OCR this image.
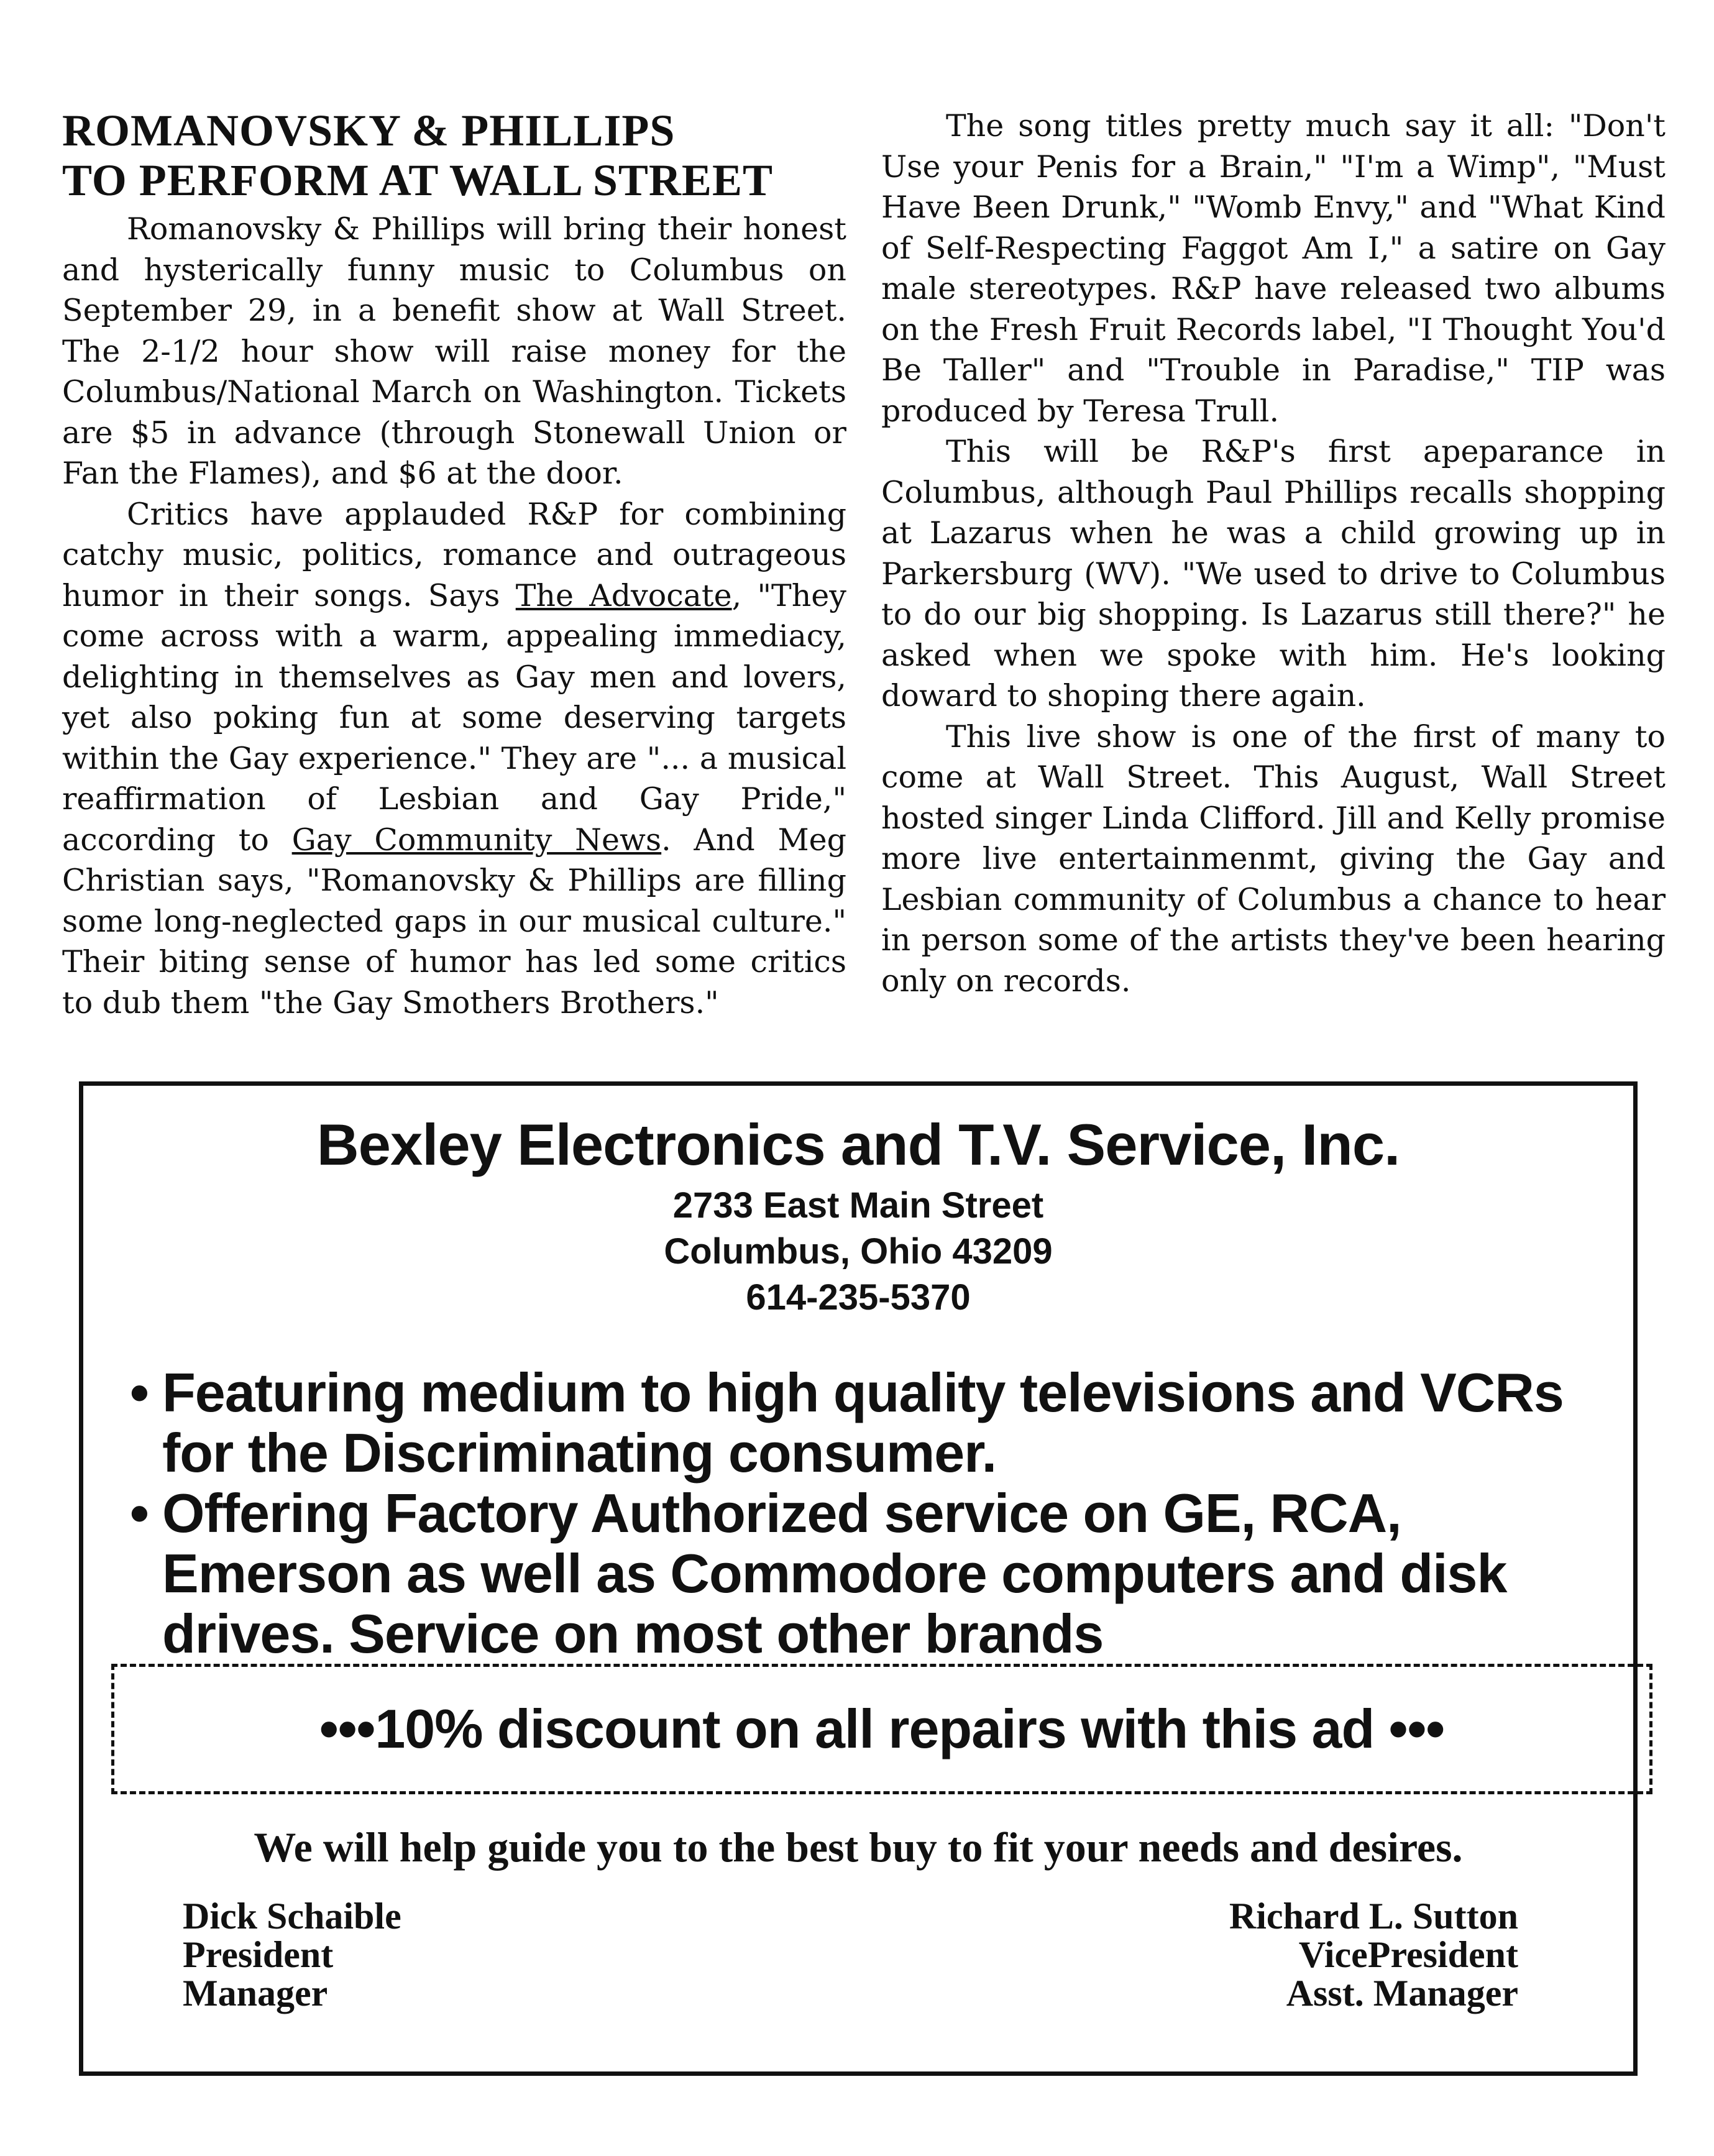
ROMANOVSKY & PHILLIPS
TO PERFORM AT WALL STREET

Romanovsky & Phillips will bring their honest and hysterically funny music to Columbus on September 29, in a benefit show at Wall Street. The 2-1/2 hour show will raise money for the Columbus/National March on Washington. Tickets are $5 in advance (through Stonewall Union or Fan the Flames), and $6 at the door.

Critics have applauded R&P for combining catchy music, politics, romance and outrageous humor in their songs. Says The Advocate, "They come across with a warm, appealing immediacy, delighting in themselves as Gay men and lovers, yet also poking fun at some deserving targets within the Gay experience." They are "... a musical reaffirmation of Lesbian and Gay Pride," according to Gay Community News. And Meg Christian says, "Romanovsky & Phillips are filling some long-neglected gaps in our musical culture." Their biting sense of humor has led some critics to dub them "the Gay Smothers Brothers."

The song titles pretty much say it all: "Don't Use your Penis for a Brain," "I'm a Wimp", "Must Have Been Drunk," "Womb Envy," and "What Kind of Self-Respecting Faggot Am I," a satire on Gay male stereotypes. R&P have released two albums on the Fresh Fruit Records label, "I Thought You'd Be Taller" and "Trouble in Paradise," TIP was produced by Teresa Trull.

This will be R&P's first apeparance in Columbus, although Paul Phillips recalls shopping at Lazarus when he was a child growing up in Parkersburg (WV). "We used to drive to Columbus to do our big shopping. Is Lazarus still there?" he asked when we spoke with him. He's looking doward to shoping there again.

This live show is one of the first of many to come at Wall Street. This August, Wall Street hosted singer Linda Clifford. Jill and Kelly promise more live entertainmenmt, giving the Gay and Lesbian community of Columbus a chance to hear in person some of the artists they've been hearing only on records.

Bexley Electronics and T.V. Service, Inc.
2733 East Main Street
Columbus, Ohio 43209
614-235-5370
• Featuring medium to high quality televisions and VCRs for the Discriminating consumer.
• Offering Factory Authorized service on GE, RCA, Emerson as well as Commodore computers and disk drives. Service on most other brands
•••10% discount on all repairs with this ad •••
We will help guide you to the best buy to fit your needs and desires.
Dick Schaible
President
Manager
Richard L. Sutton
VicePresident
Asst. Manager
